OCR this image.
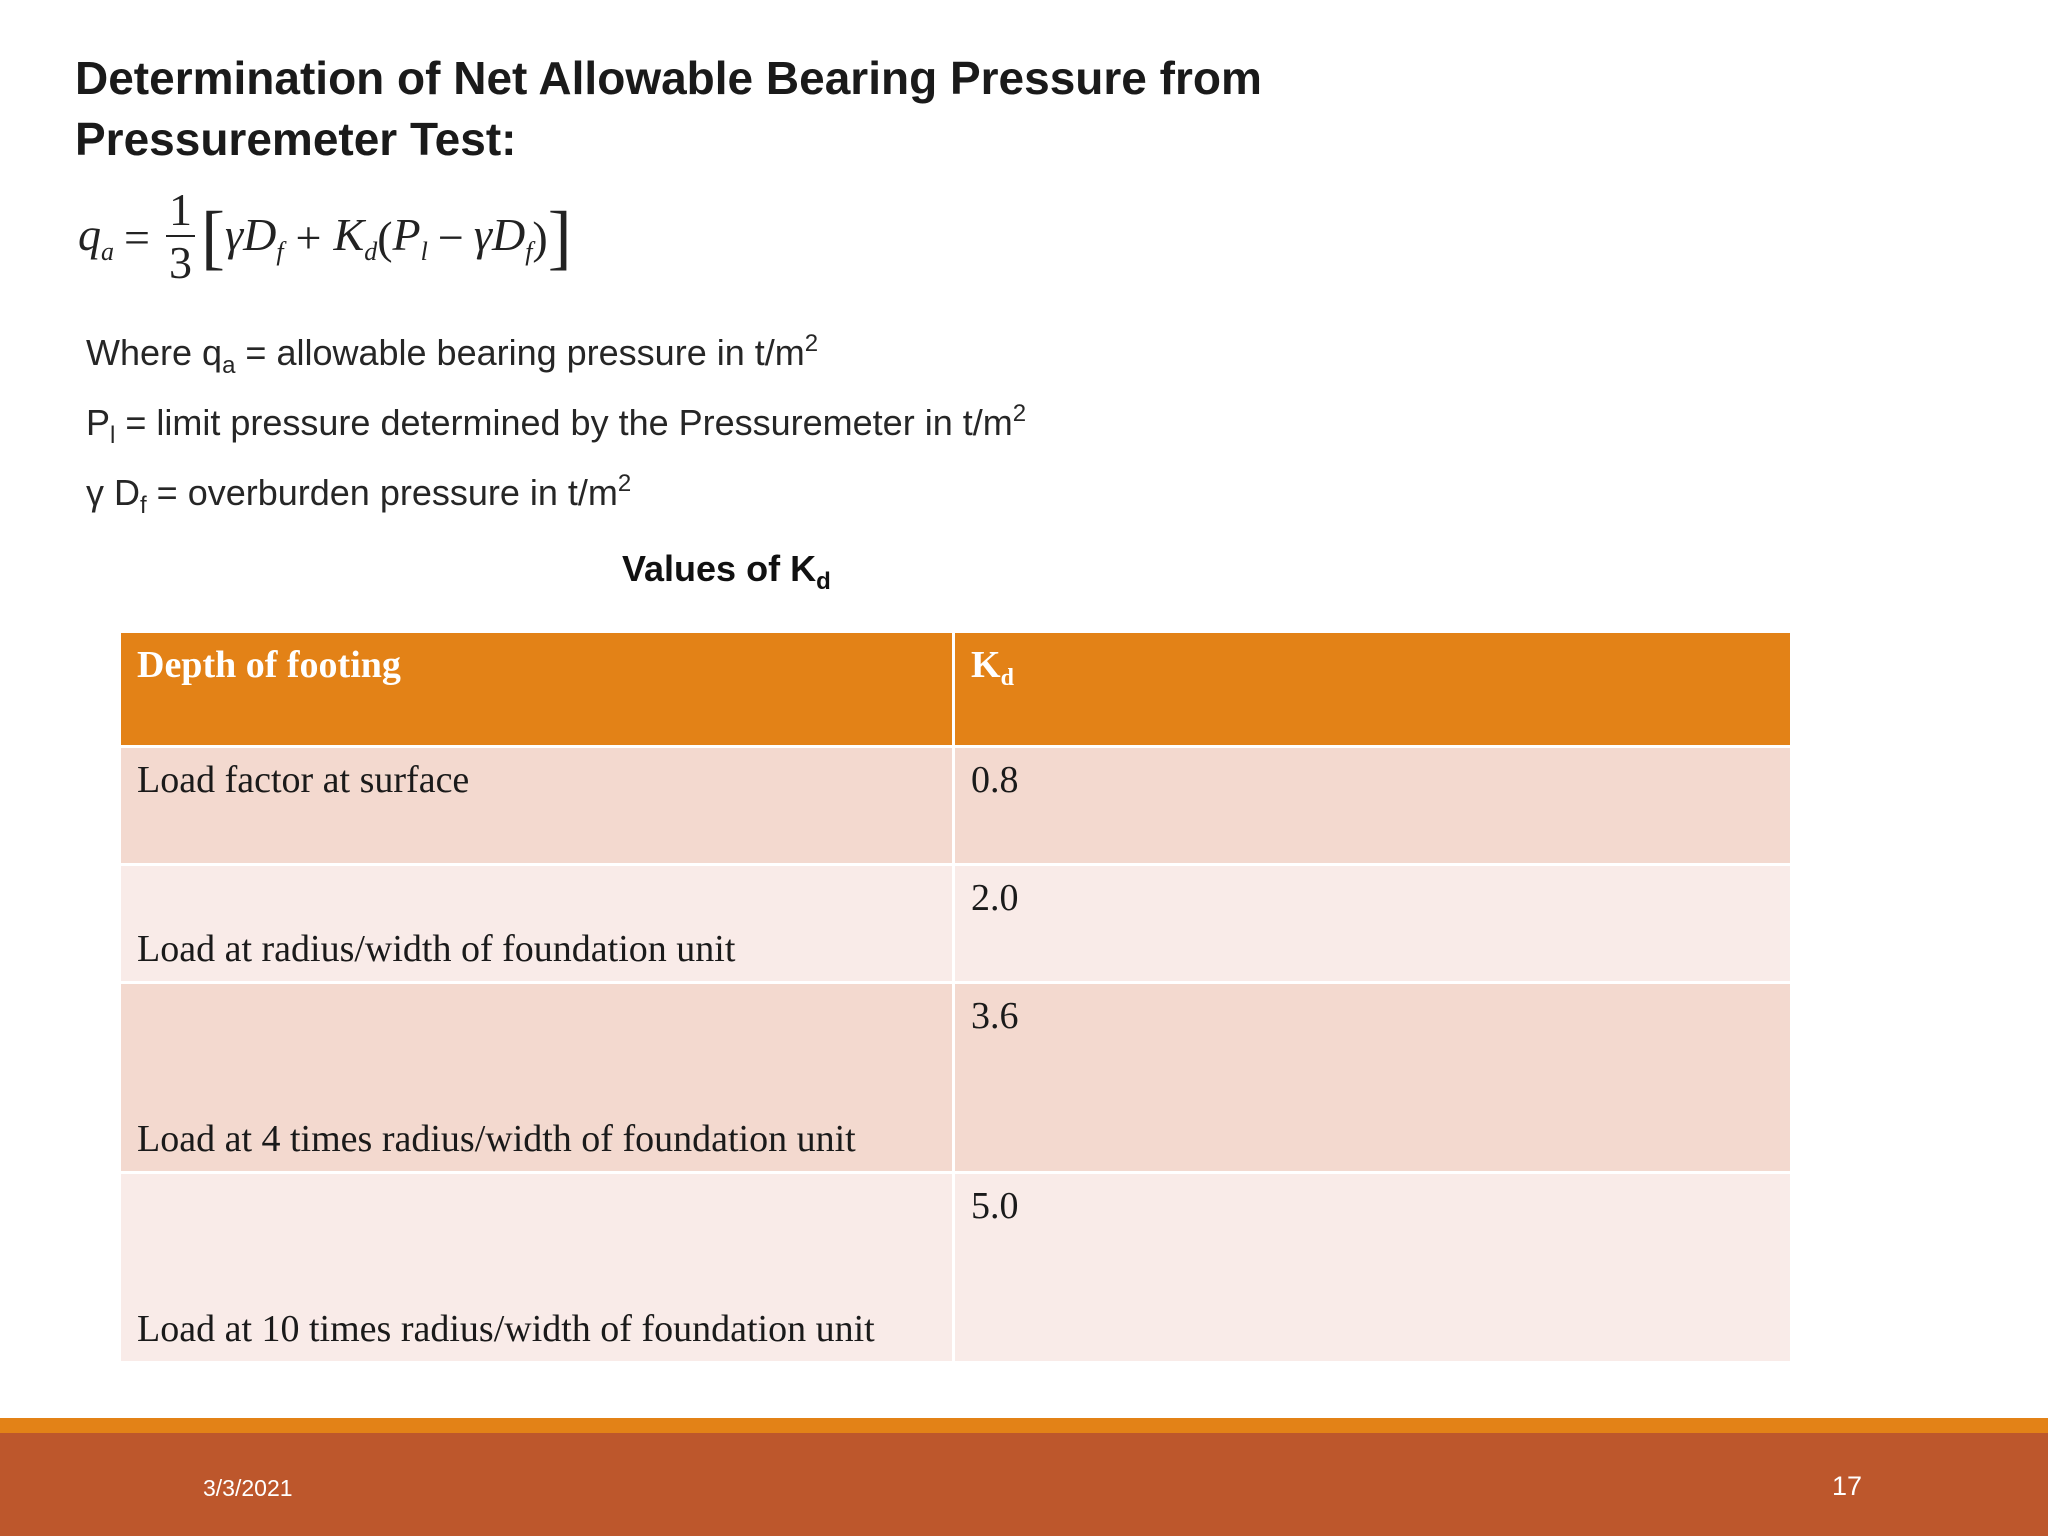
Determination of Net Allowable Bearing Pressure from Pressuremeter Test:
$q_a = \frac{1}{3}$ [ $\gamma D_f + K_d$ ( $P_l - \gamma D_f$ ) ]
Where $q_a$ = allowable bearing pressure in $t/m^2$
$P_l$ = limit pressure determined by the Pressuremeter in $t/m^2$
γ $D_f$ = overburden pressure in $t/m^2$
Values of $K_d$
Depth of footing	$K_d$
Load factor at surface	0.8
Load at radius/width of foundation unit	2.0
Load at 4 times radius/width of foundation unit	3.6
Load at 10 times radius/width of foundation unit	5.0
3/3/2021	17
